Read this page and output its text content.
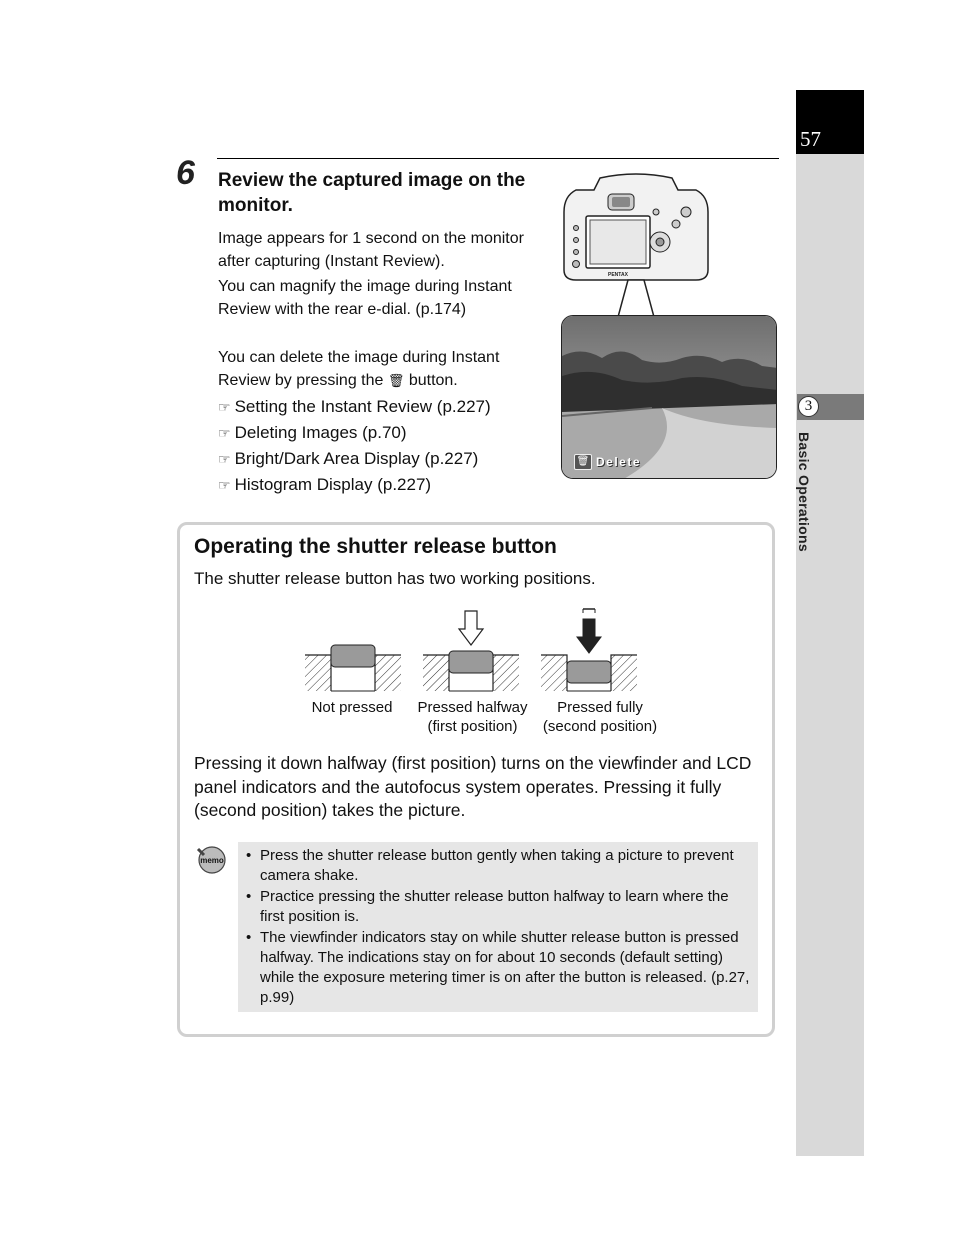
57
3
Basic Operations
6 Review the captured image on the monitor.
Image appears for 1 second on the monitor after capturing (Instant Review).
You can magnify the image during Instant Review with the rear e-dial. (p.174)
You can delete the image during Instant Review by pressing the 🗑 button.
☞ Setting the Instant Review (p.227)
☞ Deleting Images (p.70)
☞ Bright/Dark Area Display (p.227)
☞ Histogram Display (p.227)
PENTAX
🗑 Delete
Operating the shutter release button
The shutter release button has two working positions.
Not pressed	Pressed halfway
(first position)
Pressed fully
(second position)
Pressing it down halfway (first position) turns on the viewfinder and LCD panel indicators and the autofocus system operates. Pressing it fully (second position) takes the picture.
memo
•	Press the shutter release button gently when taking a picture to prevent camera shake.
• Practice pressing the shutter release button halfway to learn where the first position is.
• The viewfinder indicators stay on while shutter release button is pressed halfway. The indications stay on for about 10 seconds (default setting) while the exposure metering timer is on after the button is released. (p.27, p.99)
